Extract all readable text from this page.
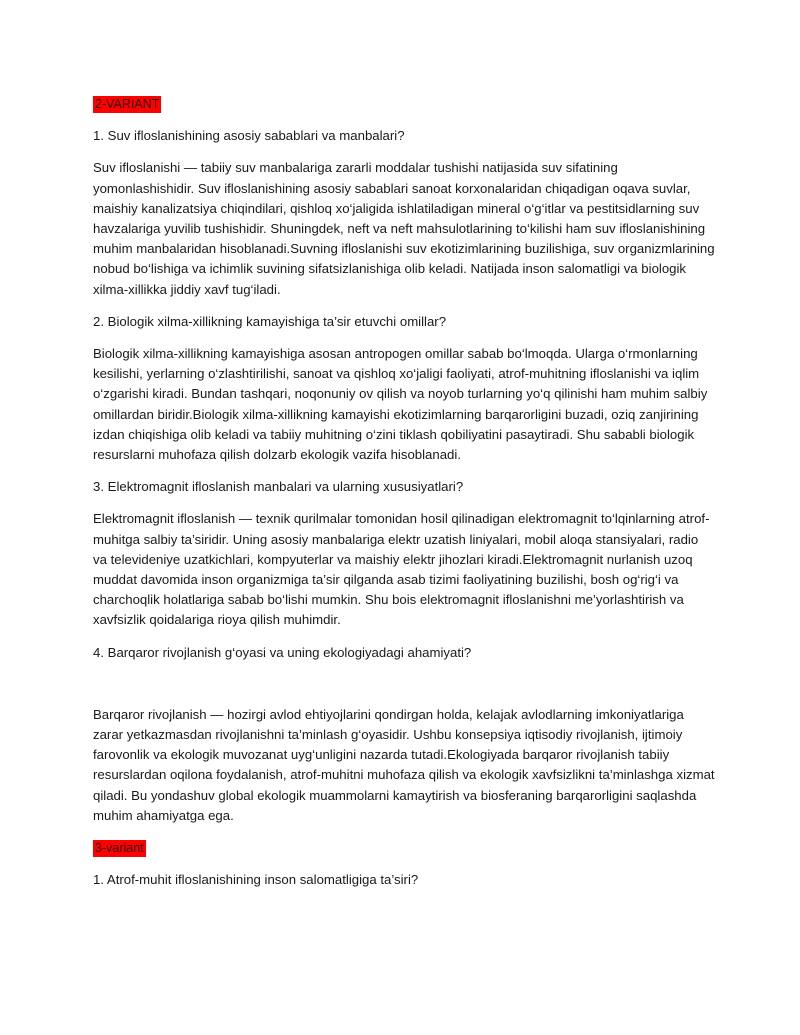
2-VARIANT
1. Suv ifloslanishining asosiy sabablari va manbalari?
Suv ifloslanishi — tabiiy suv manbalariga zararli moddalar tushishi natijasida suv sifatining yomonlashishidir. Suv ifloslanishining asosiy sabablari sanoat korxonalaridan chiqadigan oqava suvlar, maishiy kanalizatsiya chiqindilari, qishloq xo‘jaligida ishlatiladigan mineral o‘g‘itlar va pestitsidlarning suv havzalariga yuvilib tushishidir. Shuningdek, neft va neft mahsulotlarining to‘kilishi ham suv ifloslanishining muhim manbalaridan hisoblanadi.Suvning ifloslanishi suv ekotizimlarining buzilishiga, suv organizmlarining nobud bo‘lishiga va ichimlik suvining sifatsizlanishiga olib keladi. Natijada inson salomatligi va biologik xilma-xillikka jiddiy xavf tug‘iladi.
2. Biologik xilma-xillikning kamayishiga ta’sir etuvchi omillar?
Biologik xilma-xillikning kamayishiga asosan antropogen omillar sabab bo‘lmoqda. Ularga o‘rmonlarning kesilishi, yerlarning o‘zlashtirilishi, sanoat va qishloq xo‘jaligi faoliyati, atrof-muhitning ifloslanishi va iqlim o‘zgarishi kiradi. Bundan tashqari, noqonuniy ov qilish va noyob turlarning yo‘q qilinishi ham muhim salbiy omillardan biridir.Biologik xilma-xillikning kamayishi ekotizimlarning barqarorligini buzadi, oziq zanjirining izdan chiqishiga olib keladi va tabiiy muhitning o‘zini tiklash qobiliyatini pasaytiradi. Shu sababli biologik resurslarni muhofaza qilish dolzarb ekologik vazifa hisoblanadi.
3. Elektromagnit ifloslanish manbalari va ularning xususiyatlari?
Elektromagnit ifloslanish — texnik qurilmalar tomonidan hosil qilinadigan elektromagnit to‘lqinlarning atrof-muhitga salbiy ta’siridir. Uning asosiy manbalariga elektr uzatish liniyalari, mobil aloqa stansiyalari, radio va televideniye uzatkichlari, kompyuterlar va maishiy elektr jihozlari kiradi.Elektromagnit nurlanish uzoq muddat davomida inson organizmiga ta’sir qilganda asab tizimi faoliyatining buzilishi, bosh og‘rig‘i va charchoqlik holatlariga sabab bo‘lishi mumkin. Shu bois elektromagnit ifloslanishni me’yorlashtirish va xavfsizlik qoidalariga rioya qilish muhimdir.
4. Barqaror rivojlanish g‘oyasi va uning ekologiyadagi ahamiyati?
Barqaror rivojlanish — hozirgi avlod ehtiyojlarini qondirgan holda, kelajak avlodlarning imkoniyatlariga zarar yetkazmasdan rivojlanishni ta’minlash g‘oyasidir. Ushbu konsepsiya iqtisodiy rivojlanish, ijtimoiy farovonlik va ekologik muvozanat uyg‘unligini nazarda tutadi.Ekologiyada barqaror rivojlanish tabiiy resurslardan oqilona foydalanish, atrof-muhitni muhofaza qilish va ekologik xavfsizlikni ta’minlashga xizmat qiladi. Bu yondashuv global ekologik muammolarni kamaytirish va biosferaning barqarorligini saqlashda muhim ahamiyatga ega.
3-variant
1. Atrof-muhit ifloslanishining inson salomatligiga ta’siri?
